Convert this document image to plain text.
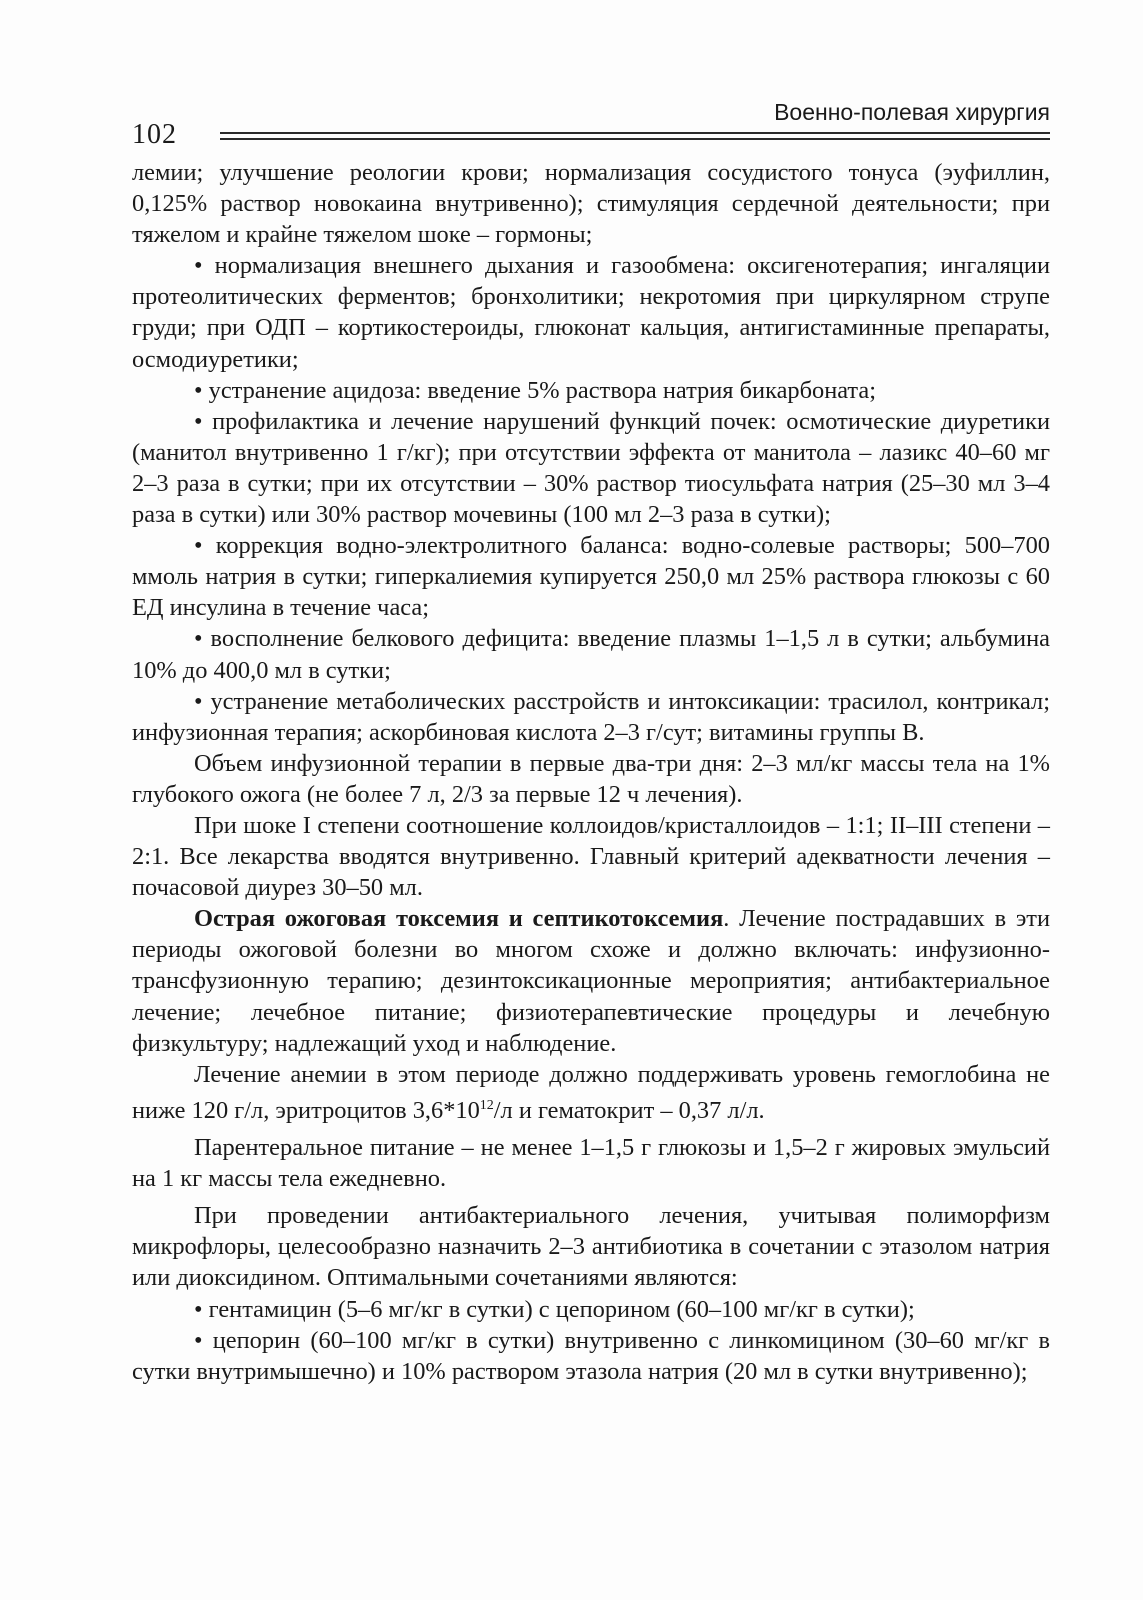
102
Военно-полевая хирургия

лемии; улучшение реологии крови; нормализация сосудистого тонуса (эуфиллин, 0,125% раствор новокаина внутривенно); стимуляция сердечной деятельности; при тяжелом и крайне тяжелом шоке – гормоны;

• нормализация внешнего дыхания и газообмена: оксигенотерапия; ингаляции протеолитических ферментов; бронхолитики; некротомия при циркулярном струпе груди; при ОДП – кортикостероиды, глюконат кальция, антигистаминные препараты, осмодиуретики;

• устранение ацидоза: введение 5% раствора натрия бикарбоната;

• профилактика и лечение нарушений функций почек: осмотические диуретики (манитол внутривенно 1 г/кг); при отсутствии эффекта от манитола – лазикс 40–60 мг 2–3 раза в сутки; при их отсутствии – 30% раствор тиосульфата натрия (25–30 мл 3–4 раза в сутки) или 30% раствор мочевины (100 мл 2–3 раза в сутки);

• коррекция водно-электролитного баланса: водно-солевые растворы; 500–700 ммоль натрия в сутки; гиперкалиемия купируется 250,0 мл 25% раствора глюкозы с 60 ЕД инсулина в течение часа;

• восполнение белкового дефицита: введение плазмы 1–1,5 л в сутки; альбумина 10% до 400,0 мл в сутки;

• устранение метаболических расстройств и интоксикации: трасилол, контрикал; инфузионная терапия; аскорбиновая кислота 2–3 г/сут; витамины группы В.

Объем инфузионной терапии в первые два-три дня: 2–3 мл/кг массы тела на 1% глубокого ожога (не более 7 л, 2/3 за первые 12 ч лечения).

При шоке I степени соотношение коллоидов/кристаллоидов – 1:1; II–III степени – 2:1. Все лекарства вводятся внутривенно. Главный критерий адекватности лечения – почасовой диурез 30–50 мл.

Острая ожоговая токсемия и септикотоксемия. Лечение пострадавших в эти периоды ожоговой болезни во многом схоже и должно включать: инфузионно-трансфузионную терапию; дезинтоксикационные мероприятия; антибактериальное лечение; лечебное питание; физиотерапевтические процедуры и лечебную физкультуру; надлежащий уход и наблюдение.

Лечение анемии в этом периоде должно поддерживать уровень гемоглобина не ниже 120 г/л, эритроцитов $3,6*10^{12}/л$ и гематокрит – 0,37 л/л.

Парентеральное питание – не менее 1–1,5 г глюкозы и 1,5–2 г жировых эмульсий на 1 кг массы тела ежедневно.

При проведении антибактериального лечения, учитывая полиморфизм микрофлоры, целесообразно назначить 2–3 антибиотика в сочетании с этазолом натрия или диоксидином. Оптимальными сочетаниями являются:

• гентамицин (5–6 мг/кг в сутки) с цепорином (60–100 мг/кг в сутки);

• цепорин (60–100 мг/кг в сутки) внутривенно с линкомицином (30–60 мг/кг в сутки внутримышечно) и 10% раствором этазола натрия (20 мл в сутки внутривенно);
